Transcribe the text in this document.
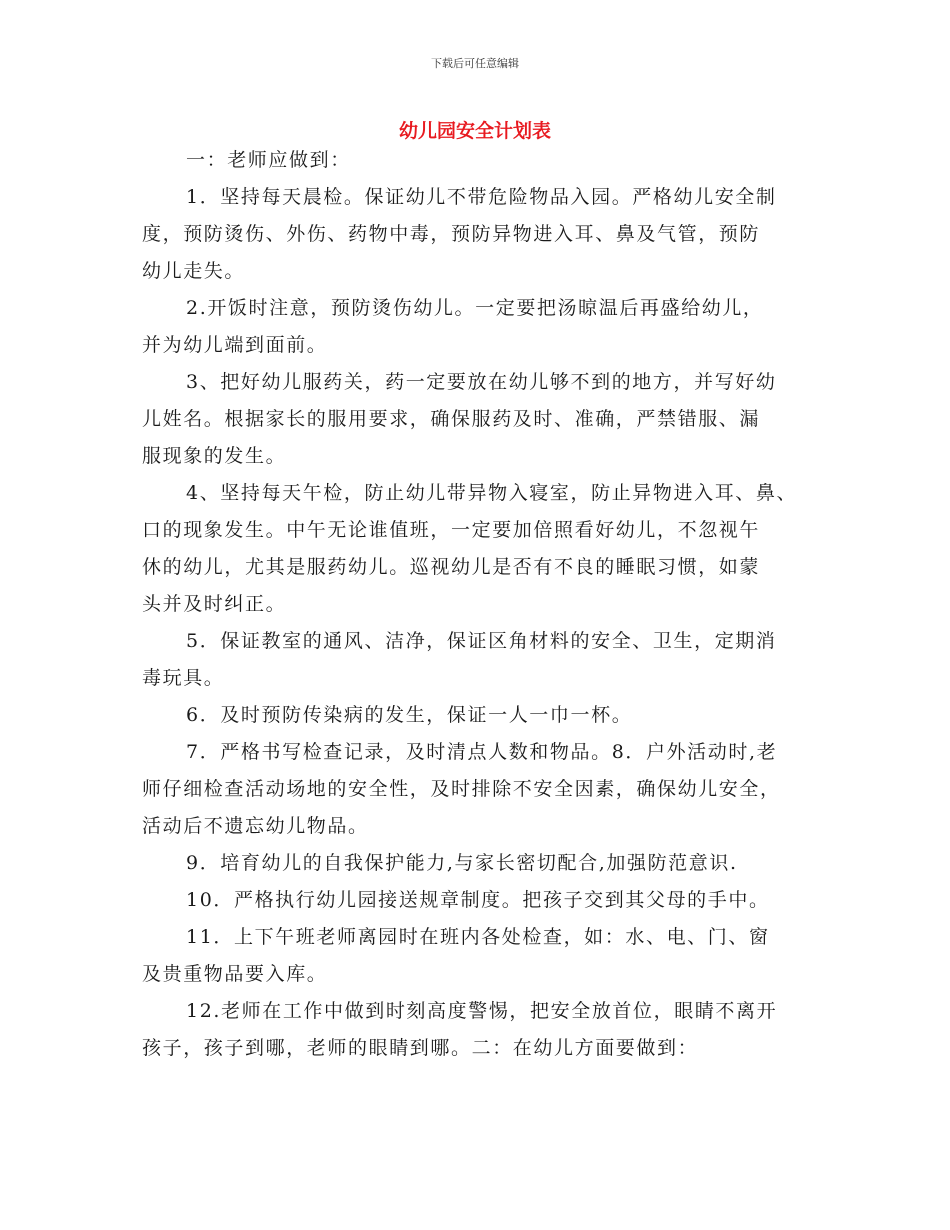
下载后可任意编辑
幼儿园安全计划表
一：老师应做到：
1．坚持每天晨检。保证幼儿不带危险物品入园。严格幼儿安全制
度，预防烫伤、外伤、药物中毒，预防异物进入耳、鼻及气管，预防
幼儿走失。
2.开饭时注意，预防烫伤幼儿。一定要把汤晾温后再盛给幼儿，
并为幼儿端到面前。
3、把好幼儿服药关，药一定要放在幼儿够不到的地方，并写好幼
儿姓名。根据家长的服用要求，确保服药及时、准确，严禁错服、漏
服现象的发生。
4、坚持每天午检，防止幼儿带异物入寝室，防止异物进入耳、鼻、
口的现象发生。中午无论谁值班，一定要加倍照看好幼儿，不忽视午
休的幼儿，尤其是服药幼儿。巡视幼儿是否有不良的睡眠习惯，如蒙
头并及时纠正。
5．保证教室的通风、洁净，保证区角材料的安全、卫生，定期消
毒玩具。
6．及时预防传染病的发生，保证一人一巾一杯。
7．严格书写检查记录，及时清点人数和物品。8．户外活动时,老
师仔细检查活动场地的安全性，及时排除不安全因素，确保幼儿安全，
活动后不遗忘幼儿物品。
9．培育幼儿的自我保护能力,与家长密切配合,加强防范意识.
10．严格执行幼儿园接送规章制度。把孩子交到其父母的手中。
11．上下午班老师离园时在班内各处检查，如：水、电、门、窗
及贵重物品要入库。
12.老师在工作中做到时刻高度警惕，把安全放首位，眼睛不离开
孩子，孩子到哪，老师的眼睛到哪。二：在幼儿方面要做到：
